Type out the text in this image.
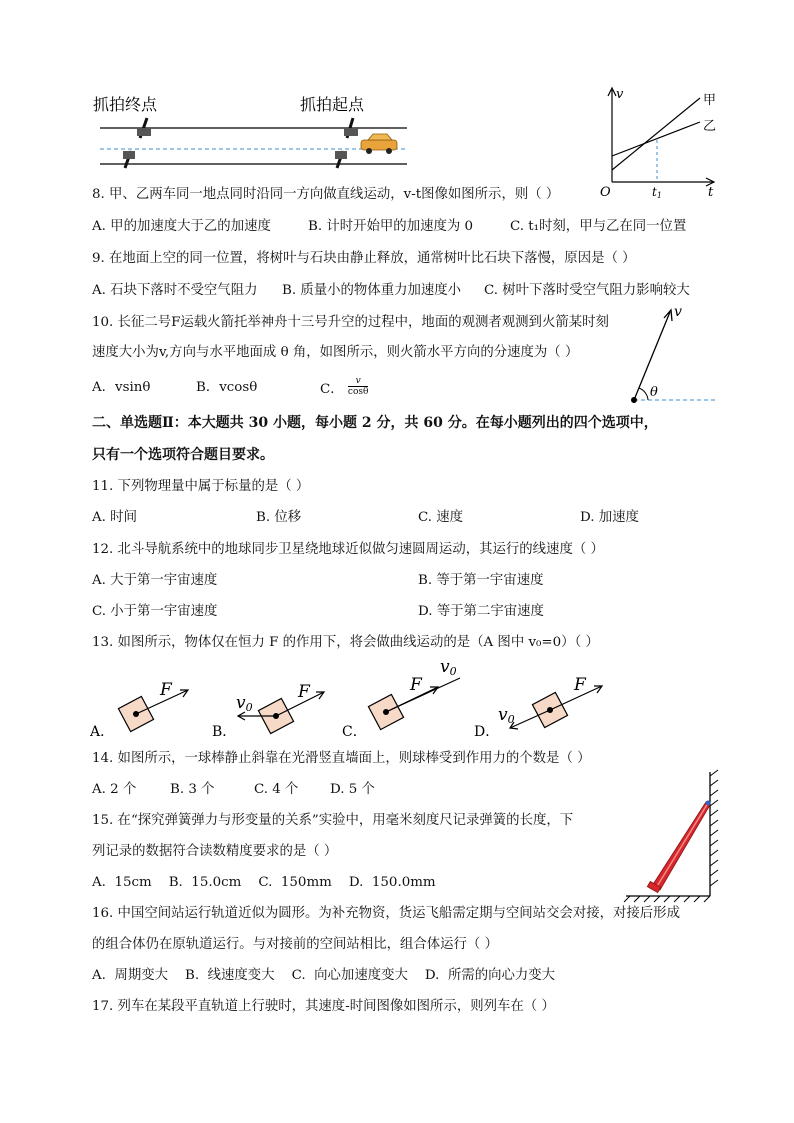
抓拍终点	抓拍起点
v
O	t
t1
甲
乙
8. 甲、乙两车同一地点同时沿同一方向做直线运动，v-t图像如图所示，则（ ）
A. 甲的加速度大于乙的加速度	B. 计时开始甲的加速度为 0	C. t₁时刻，甲与乙在同一位置
9. 在地面上空的同一位置，将树叶与石块由静止释放，通常树叶比石块下落慢，原因是（ ）
A. 石块下落时不受空气阻力 B. 质量小的物体重力加速度小 C. 树叶下落时受空气阻力影响较大
10. 长征二号F运载火箭托举神舟十三号升空的过程中，地面的观测者观测到火箭某时刻
速度大小为v,方向与水平地面成 θ 角，如图所示，则火箭水平方向的分速度为（ ）
A．vsinθ	B．vcosθ	C． $\frac{v}{\cos\theta}$
v
θ
二、单选题Ⅱ：本大题共 30 小题，每小题 2 分，共 60 分。在每小题列出的四个选项中，
只有一个选项符合题目要求。
11. 下列物理量中属于标量的是（ ）
A. 时间	B. 位移	C. 速度	D. 加速度
12. 北斗导航系统中的地球同步卫星绕地球近似做匀速圆周运动，其运行的线速度（ ）
A. 大于第一宇宙速度	B. 等于第一宇宙速度
C. 小于第一宇宙速度	D. 等于第二宇宙速度
13. 如图所示，物体仅在恒力 F 的作用下，将会做曲线运动的是（A 图中 v₀=0）（ ）
A．
F
B．
F
v0
C．
F
v0
D．
F
v0
14. 如图所示，一球棒静止斜靠在光滑竖直墙面上，则球棒受到作用力的个数是（ ）
A. 2 个	B. 3 个	C. 4 个 D. 5 个
15. 在“探究弹簧弹力与形变量的关系”实验中，用毫米刻度尺记录弹簧的长度，下
列记录的数据符合读数精度要求的是（ ）
A.  15cm    B.  15.0cm    C.  150mm    D.  150.0mm
16. 中国空间站运行轨道近似为圆形。为补充物资，货运飞船需定期与空间站交会对接，对接后形成
的组合体仍在原轨道运行。与对接前的空间站相比，组合体运行（ ）
A.  周期变大    B.  线速度变大    C.  向心加速度变大    D.  所需的向心力变大
17. 列车在某段平直轨道上行驶时，其速度-时间图像如图所示，则列车在（ ）
